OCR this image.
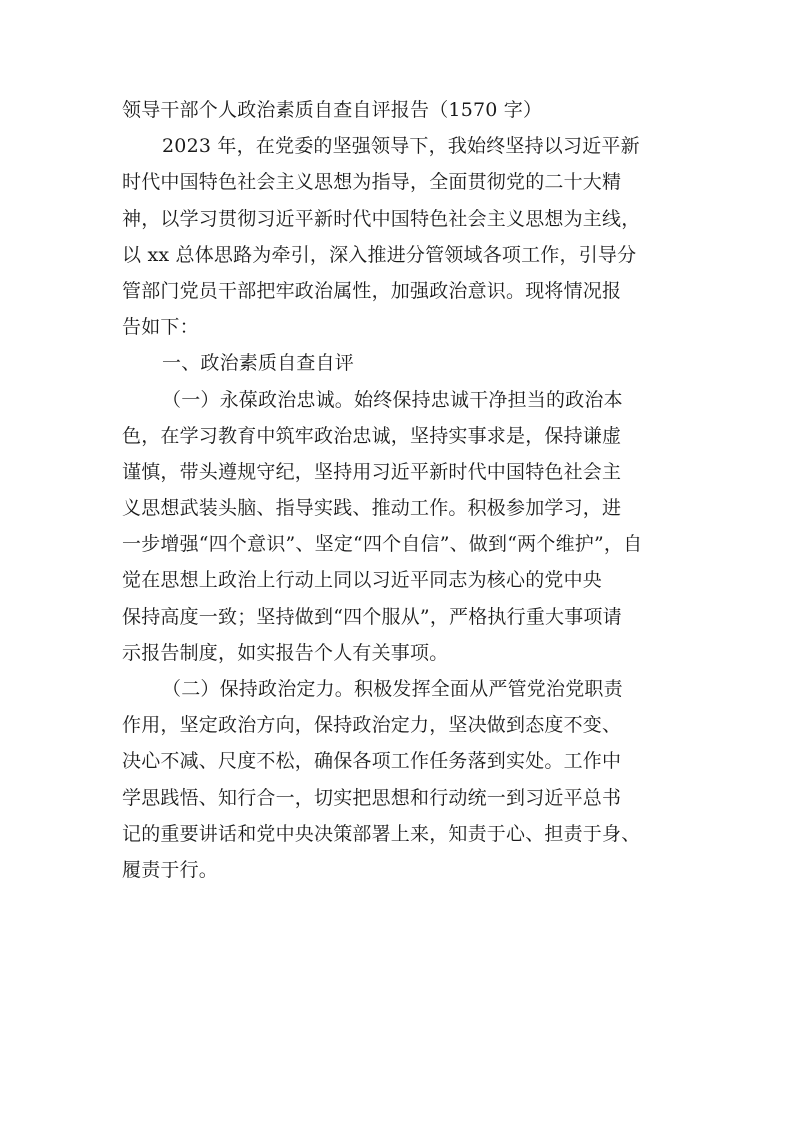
领导干部个人政治素质自查自评报告（1570 字）
2023 年，在党委的坚强领导下，我始终坚持以习近平新
时代中国特色社会主义思想为指导，全面贯彻党的二十大精
神，以学习贯彻习近平新时代中国特色社会主义思想为主线，
以 xx 总体思路为牵引，深入推进分管领域各项工作，引导分
管部门党员干部把牢政治属性，加强政治意识。现将情况报
告如下：
一、政治素质自查自评
（一）永葆政治忠诚。始终保持忠诚干净担当的政治本
色，在学习教育中筑牢政治忠诚，坚持实事求是，保持谦虚
谨慎，带头遵规守纪，坚持用习近平新时代中国特色社会主
义思想武装头脑、指导实践、推动工作。积极参加学习，进
一步增强“四个意识”、坚定“四个自信”、做到“两个维护”，自
觉在思想上政治上行动上同以习近平同志为核心的党中央
保持高度一致；坚持做到“四个服从”，严格执行重大事项请
示报告制度，如实报告个人有关事项。
（二）保持政治定力。积极发挥全面从严管党治党职责
作用，坚定政治方向，保持政治定力，坚决做到态度不变、
决心不减、尺度不松，确保各项工作任务落到实处。工作中
学思践悟、知行合一，切实把思想和行动统一到习近平总书
记的重要讲话和党中央决策部署上来，知责于心、担责于身、
履责于行。
